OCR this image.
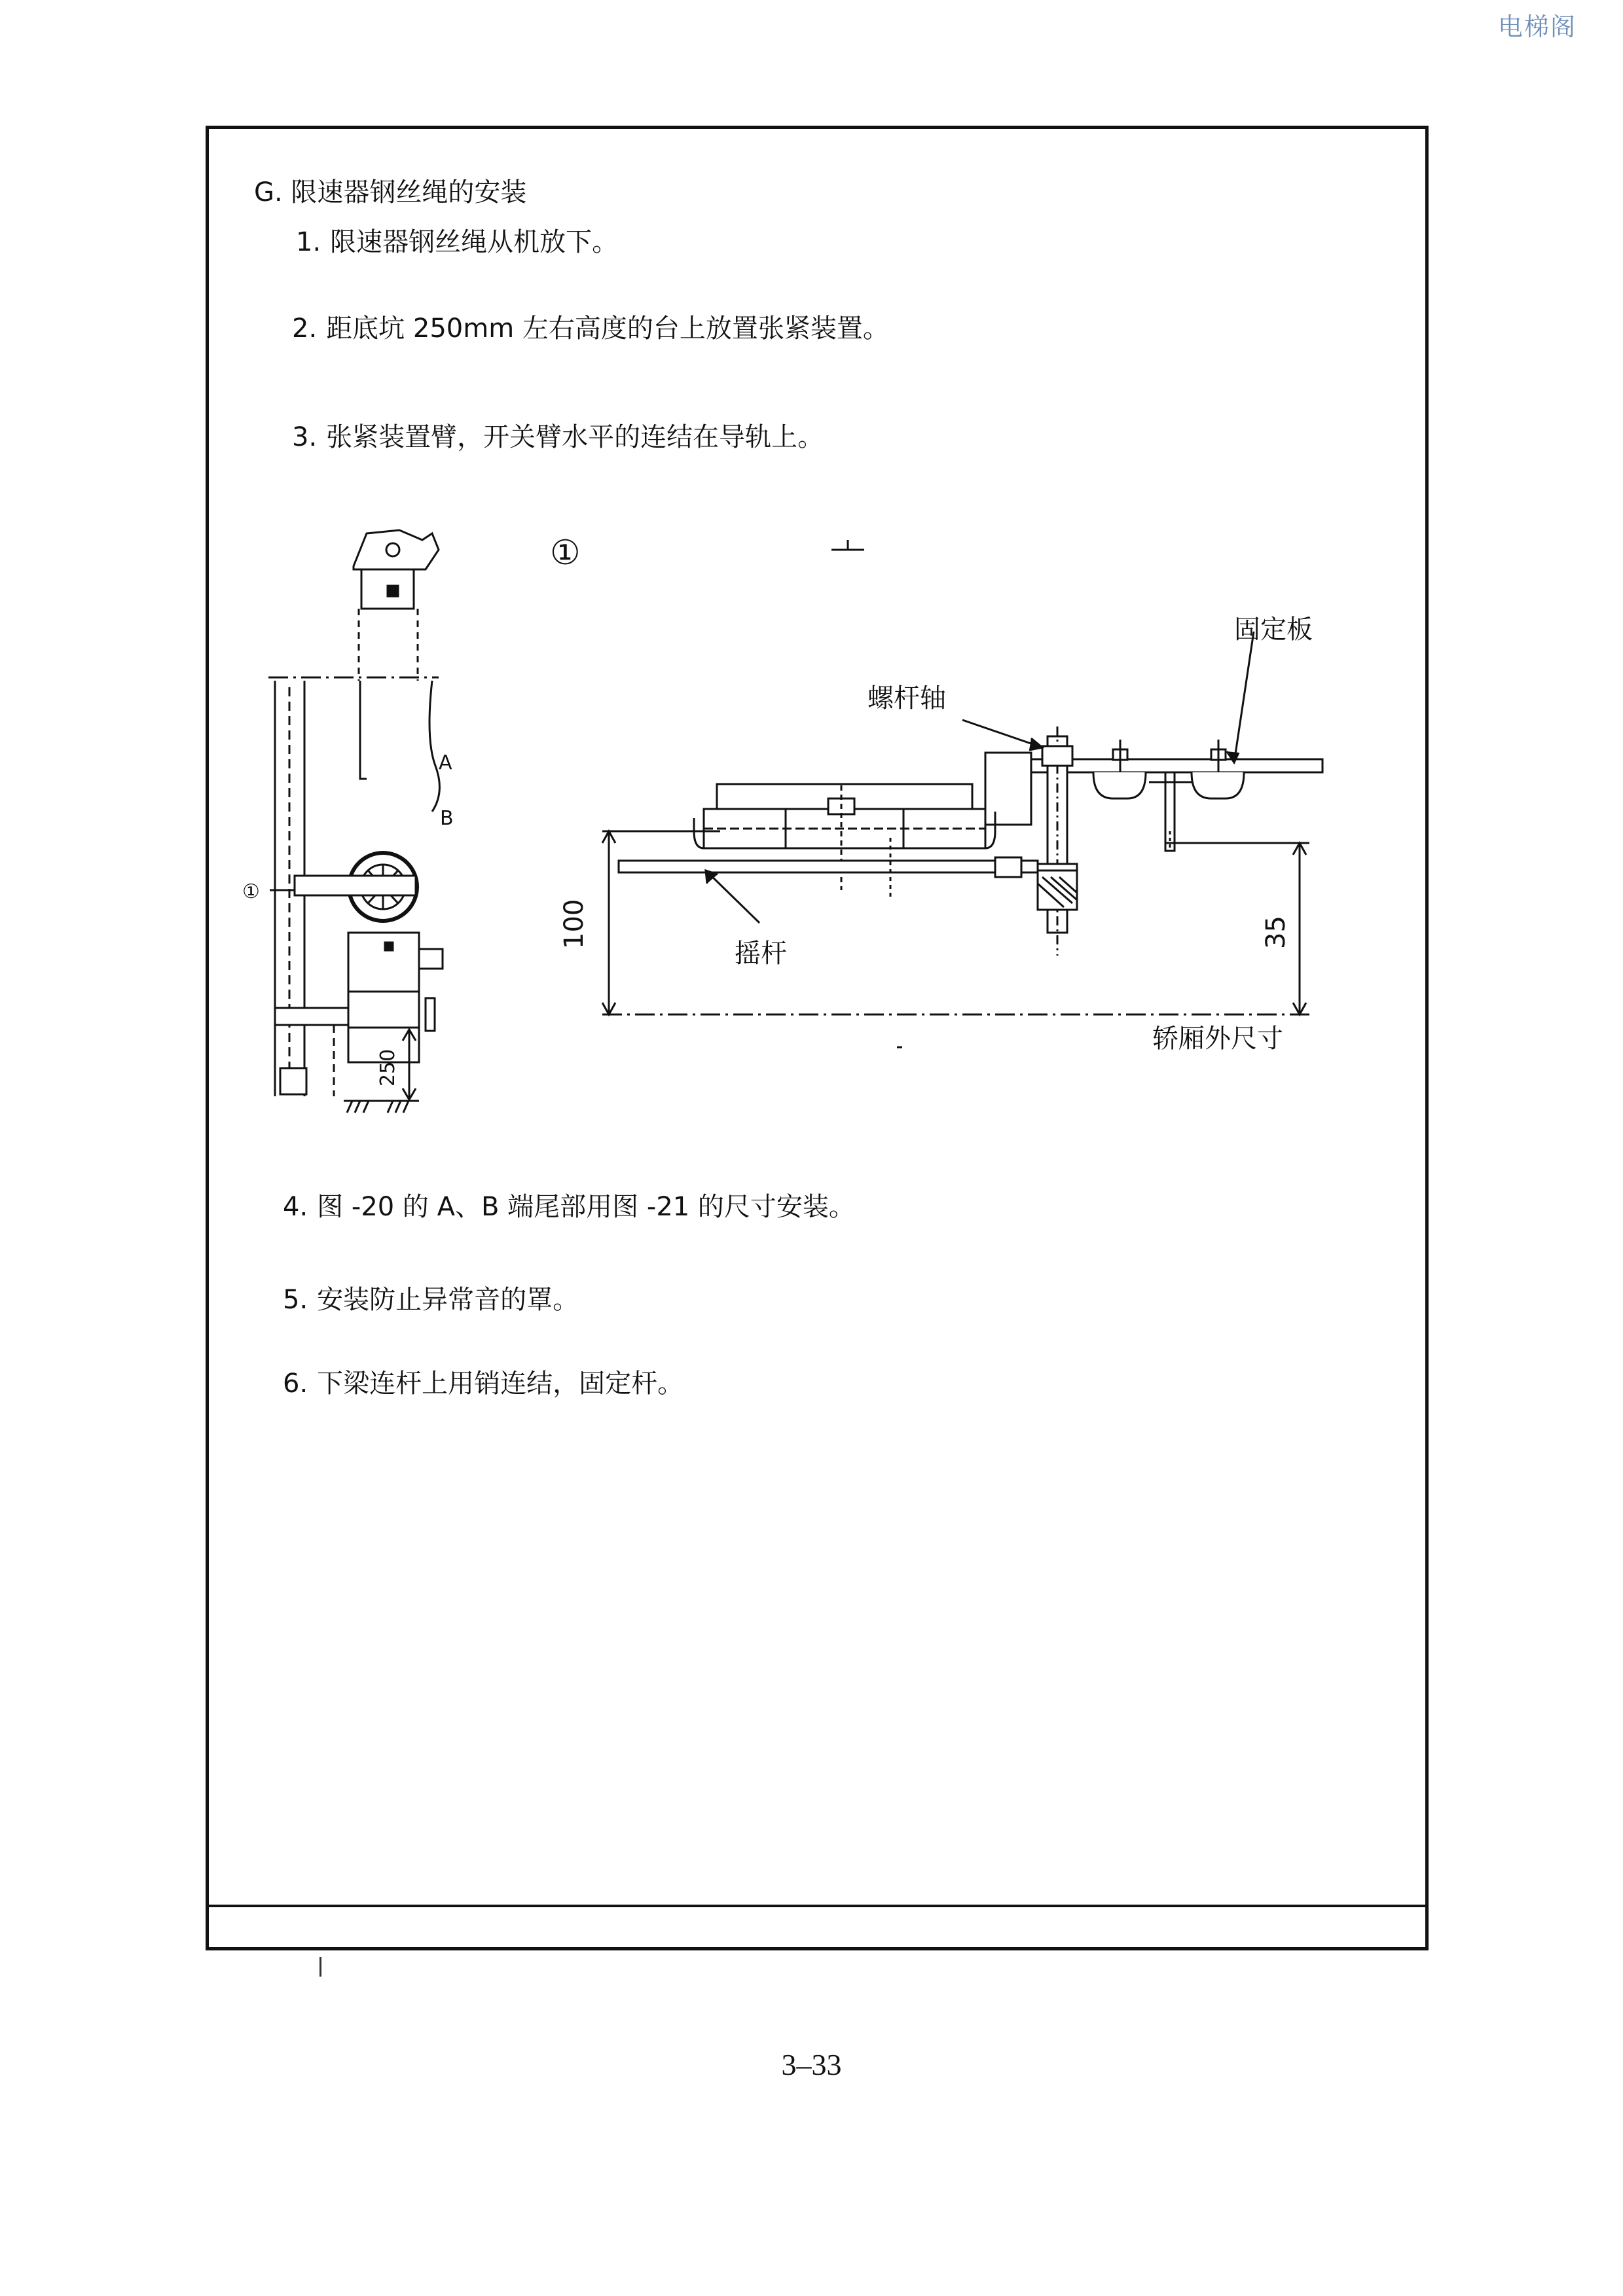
电梯阁
G. 限速器钢丝绳的安装
1. 限速器钢丝绳从机放下。
2. 距底坑 250mm 左右高度的台上放置张紧装置。
3. 张紧装置臂，开关臂水平的连结在导轨上。
①
A
B
①
250
固定板
螺杆轴
摇杆
轿厢外尺寸
100	35
4. 图 -20 的 A、B 端尾部用图 -21 的尺寸安装。
5. 安装防止异常音的罩。
6. 下梁连杆上用销连结，固定杆。
3–33
